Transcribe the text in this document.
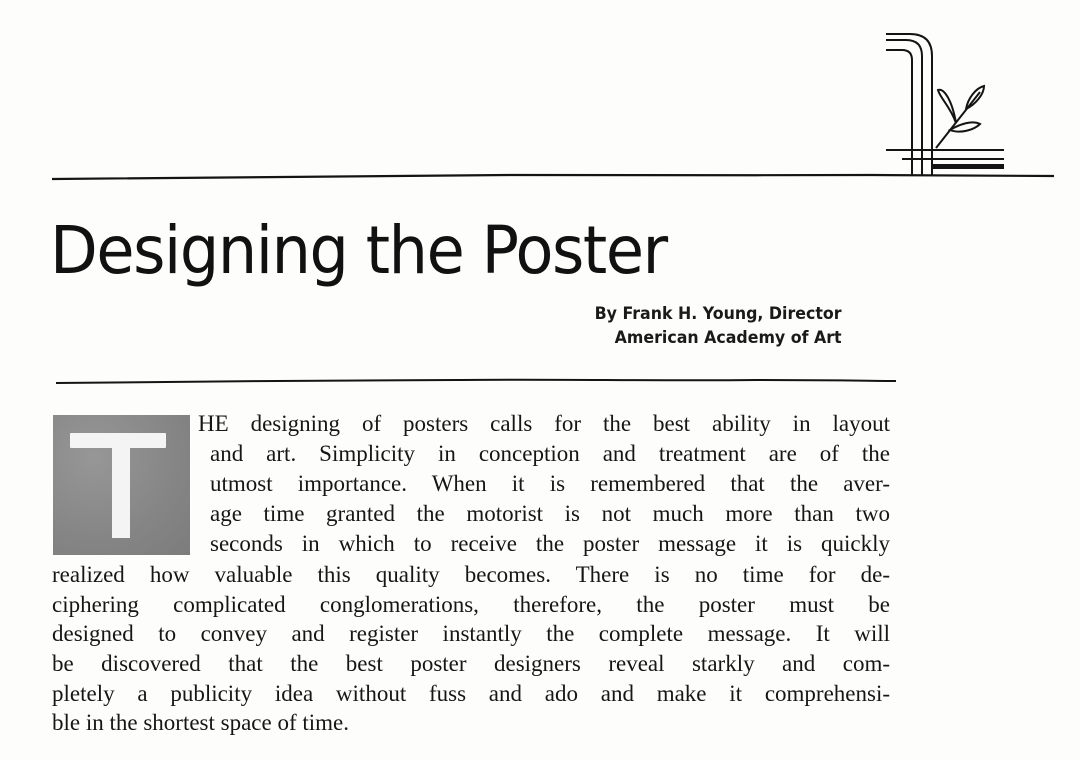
Designing the Poster
By Frank H. Young, Director
American Academy of Art
HE designing of posters calls for the best ability in layout
and art. Simplicity in conception and treatment are of the
utmost importance. When it is remembered that the aver-
age time granted the motorist is not much more than two
seconds in which to receive the poster message it is quickly
realized how valuable this quality becomes. There is no time for de-
ciphering complicated conglomerations, therefore, the poster must be
designed to convey and register instantly the complete message. It will
be discovered that the best poster designers reveal starkly and com-
pletely a publicity idea without fuss and ado and make it comprehensi-
ble in the shortest space of time.
